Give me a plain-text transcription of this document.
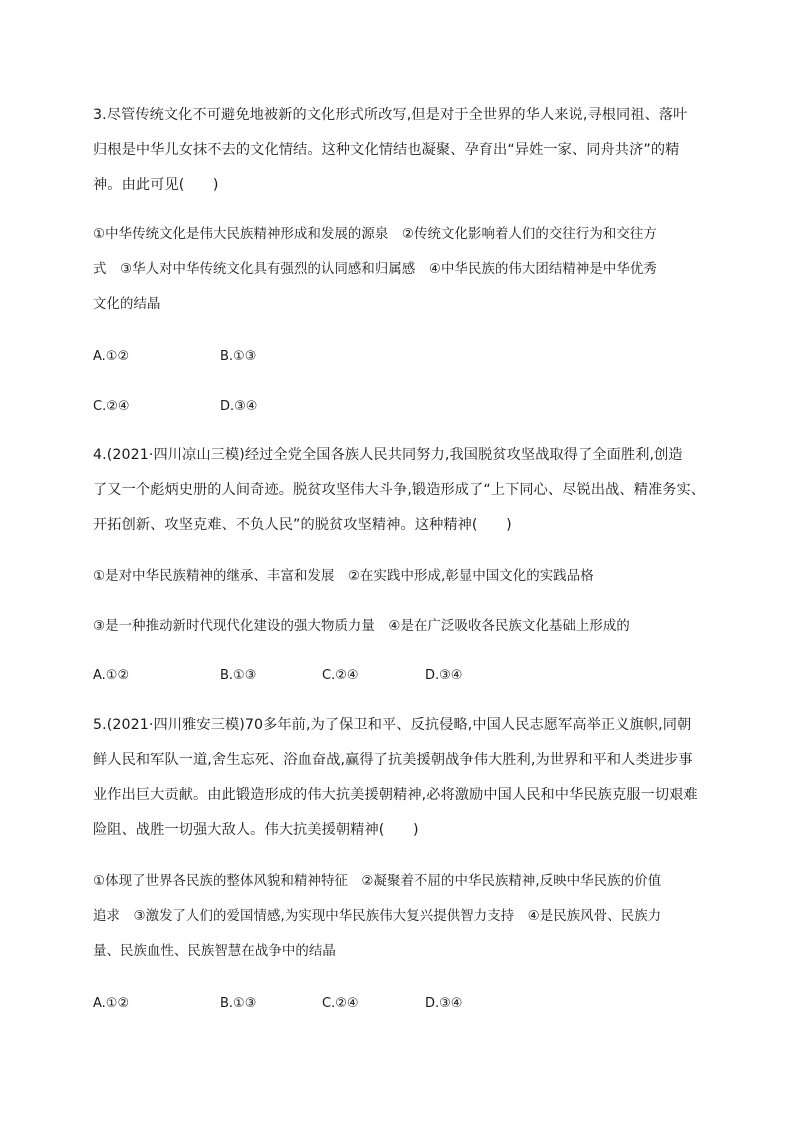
3.尽管传统文化不可避免地被新的文化形式所改写,但是对于全世界的华人来说,寻根同祖、落叶
归根是中华儿女抹不去的文化情结。这种文化情结也凝聚、孕育出“异姓一家、同舟共济”的精
神。由此可见(　　)
①中华传统文化是伟大民族精神形成和发展的源泉　②传统文化影响着人们的交往行为和交往方
式　③华人对中华传统文化具有强烈的认同感和归属感　④中华民族的伟大团结精神是中华优秀
文化的结晶
A.①②	B.①③
C.②④	D.③④
4.(2021·四川凉山三模)经过全党全国各族人民共同努力,我国脱贫攻坚战取得了全面胜利,创造
了又一个彪炳史册的人间奇迹。脱贫攻坚伟大斗争,锻造形成了“上下同心、尽锐出战、精准务实、
开拓创新、攻坚克难、不负人民”的脱贫攻坚精神。这种精神(　　)
①是对中华民族精神的继承、丰富和发展　②在实践中形成,彰显中国文化的实践品格
③是一种推动新时代现代化建设的强大物质力量　④是在广泛吸收各民族文化基础上形成的
A.①②	B.①③	C.②④	D.③④
5.(2021·四川雅安三模)70多年前,为了保卫和平、反抗侵略,中国人民志愿军高举正义旗帜,同朝
鲜人民和军队一道,舍生忘死、浴血奋战,赢得了抗美援朝战争伟大胜利,为世界和平和人类进步事
业作出巨大贡献。由此锻造形成的伟大抗美援朝精神,必将激励中国人民和中华民族克服一切艰难
险阻、战胜一切强大敌人。伟大抗美援朝精神(　　)
①体现了世界各民族的整体风貌和精神特征　②凝聚着不屈的中华民族精神,反映中华民族的价值
追求　③激发了人们的爱国情感,为实现中华民族伟大复兴提供智力支持　④是民族风骨、民族力
量、民族血性、民族智慧在战争中的结晶
A.①②	B.①③	C.②④	D.③④
